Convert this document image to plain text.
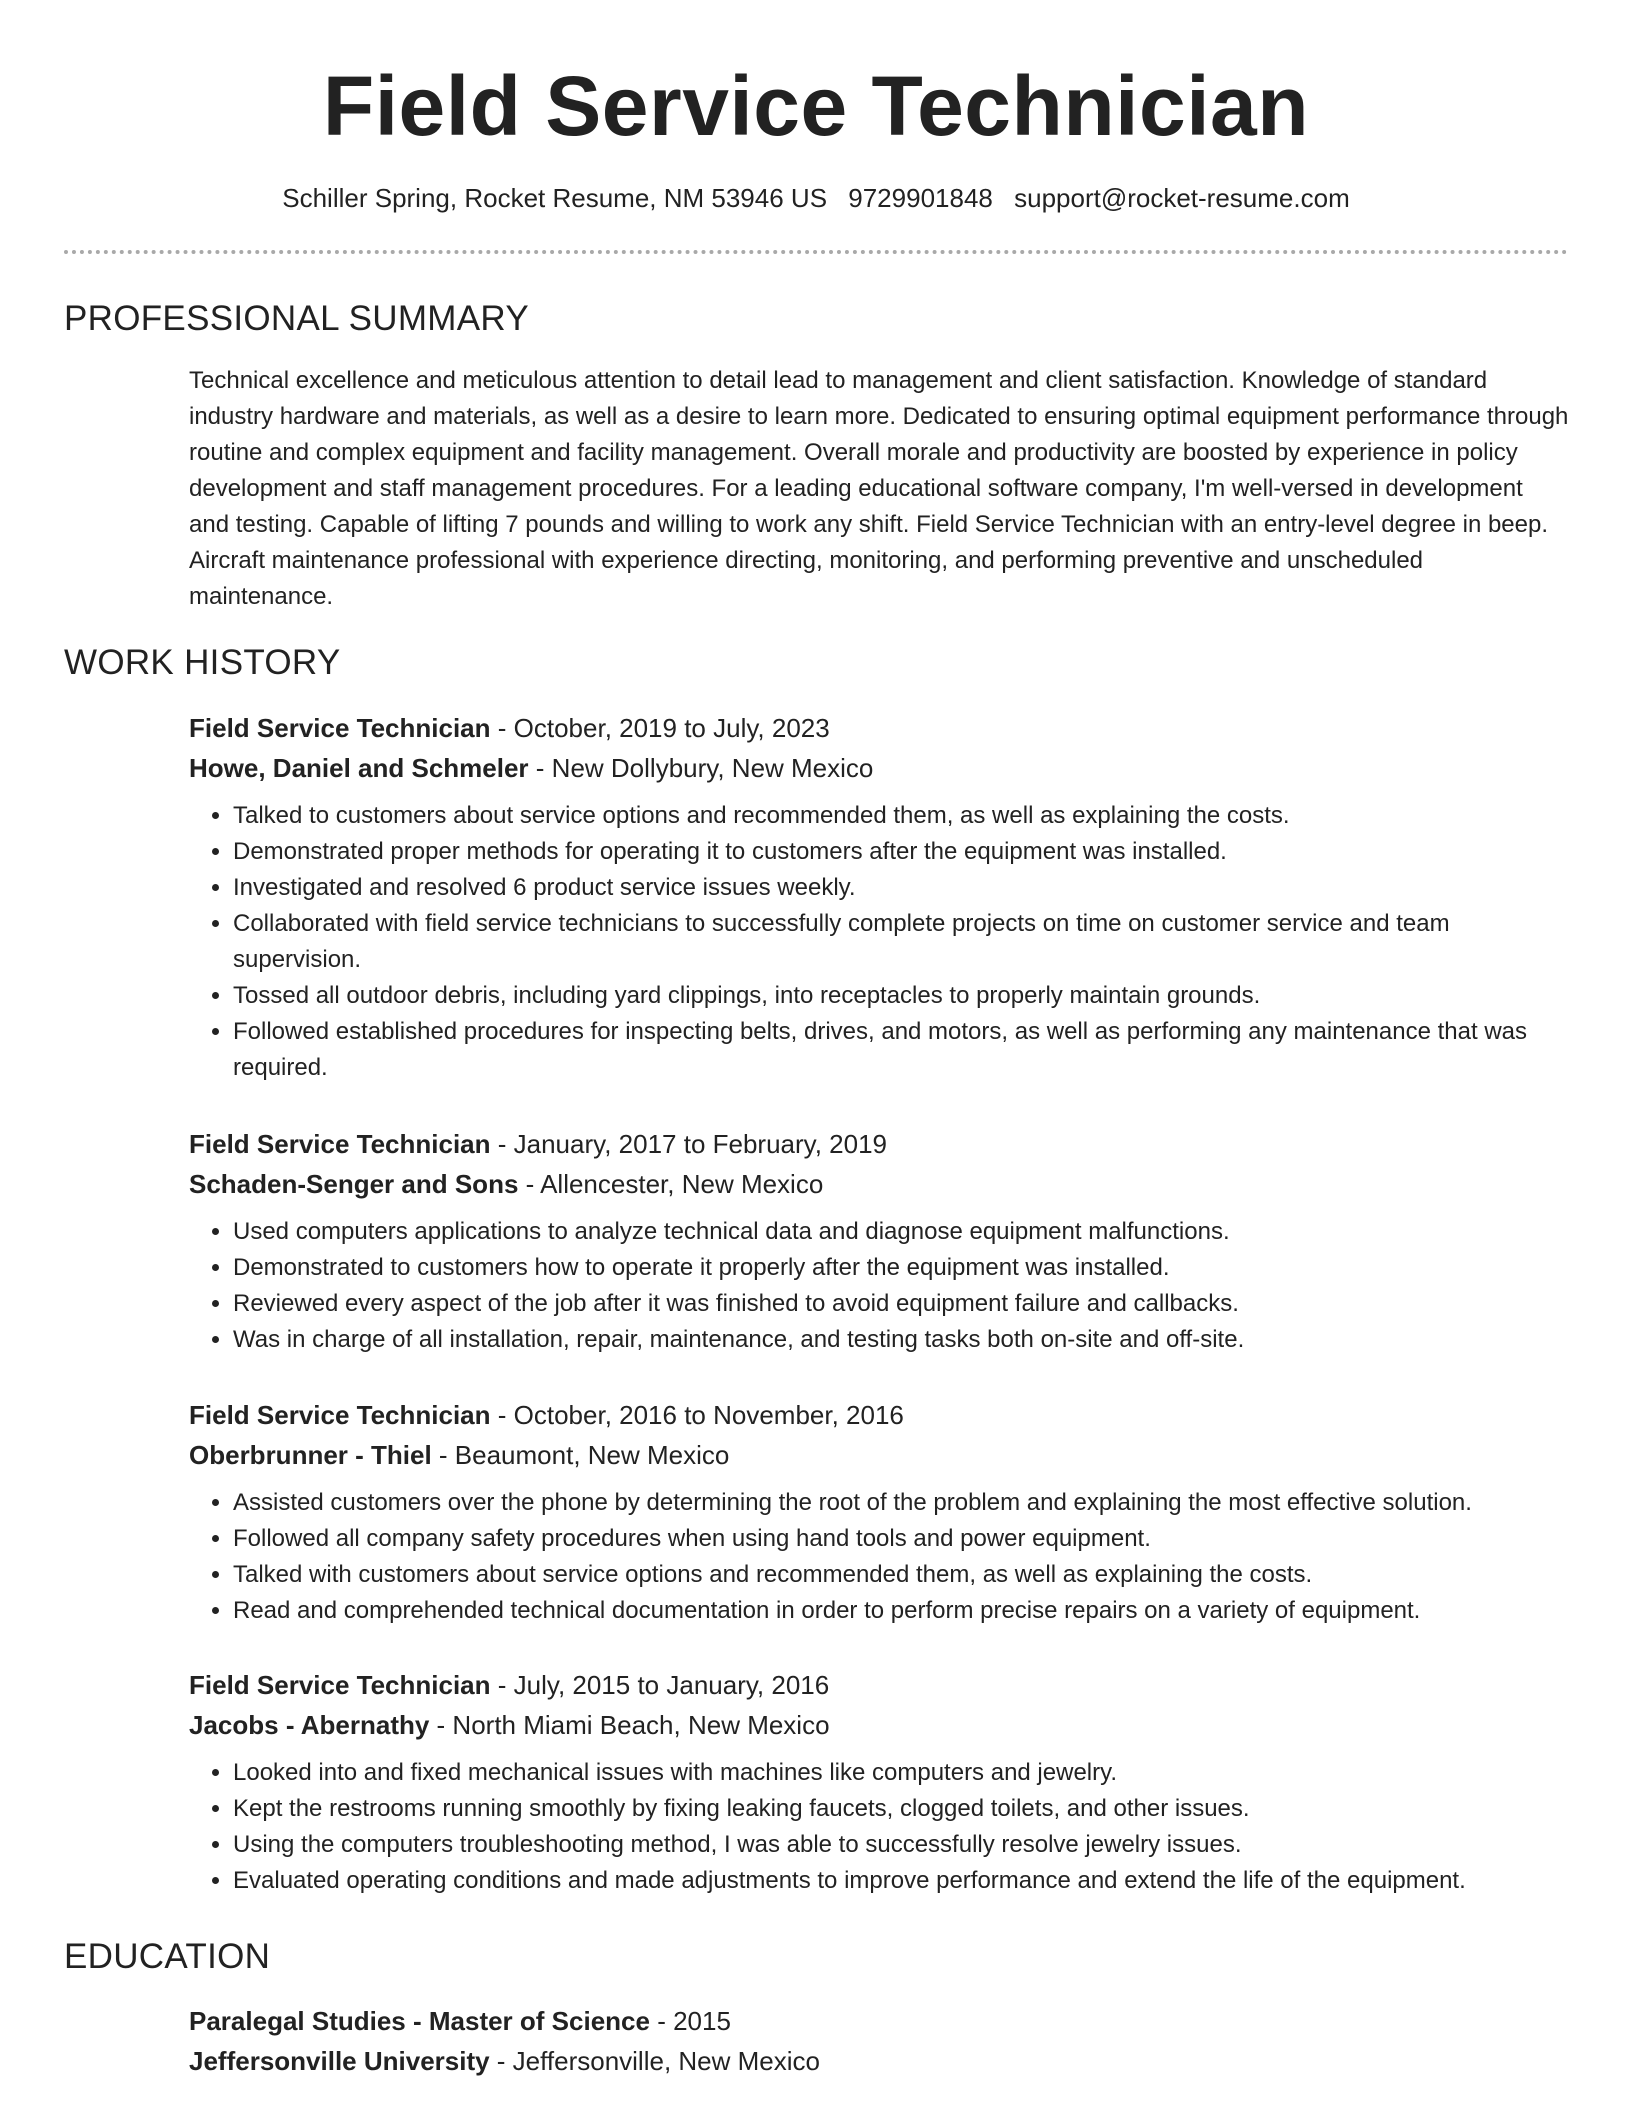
Field Service Technician
Schiller Spring, Rocket Resume, NM 53946 US 9729901848 support@rocket-resume.com
PROFESSIONAL SUMMARY

Technical excellence and meticulous attention to detail lead to management and client satisfaction. Knowledge of standard industry hardware and materials, as well as a desire to learn more. Dedicated to ensuring optimal equipment performance through routine and complex equipment and facility management. Overall morale and productivity are boosted by experience in policy development and staff management procedures. For a leading educational software company, I'm well-versed in development and testing. Capable of lifting 7 pounds and willing to work any shift. Field Service Technician with an entry-level degree in beep. Aircraft maintenance professional with experience directing, monitoring, and performing preventive and unscheduled maintenance.

WORK HISTORY
Field Service Technician - October, 2019 to July, 2023
Howe, Daniel and Schmeler - New Dollybury, New Mexico
• Talked to customers about service options and recommended them, as well as explaining the costs.
• Demonstrated proper methods for operating it to customers after the equipment was installed.
• Investigated and resolved 6 product service issues weekly.
• Collaborated with field service technicians to successfully complete projects on time on customer service and team supervision.
• Tossed all outdoor debris, including yard clippings, into receptacles to properly maintain grounds.
• Followed established procedures for inspecting belts, drives, and motors, as well as performing any maintenance that was required.
Field Service Technician - January, 2017 to February, 2019
Schaden-Senger and Sons - Allencester, New Mexico
• Used computers applications to analyze technical data and diagnose equipment malfunctions.
• Demonstrated to customers how to operate it properly after the equipment was installed.
• Reviewed every aspect of the job after it was finished to avoid equipment failure and callbacks.
• Was in charge of all installation, repair, maintenance, and testing tasks both on-site and off-site.
Field Service Technician - October, 2016 to November, 2016
Oberbrunner - Thiel - Beaumont, New Mexico
• Assisted customers over the phone by determining the root of the problem and explaining the most effective solution.
• Followed all company safety procedures when using hand tools and power equipment.
• Talked with customers about service options and recommended them, as well as explaining the costs.
• Read and comprehended technical documentation in order to perform precise repairs on a variety of equipment.
Field Service Technician - July, 2015 to January, 2016
Jacobs - Abernathy - North Miami Beach, New Mexico
• Looked into and fixed mechanical issues with machines like computers and jewelry.
• Kept the restrooms running smoothly by fixing leaking faucets, clogged toilets, and other issues.
• Using the computers troubleshooting method, I was able to successfully resolve jewelry issues.
• Evaluated operating conditions and made adjustments to improve performance and extend the life of the equipment.
EDUCATION
Paralegal Studies - Master of Science - 2015
Jeffersonville University - Jeffersonville, New Mexico
